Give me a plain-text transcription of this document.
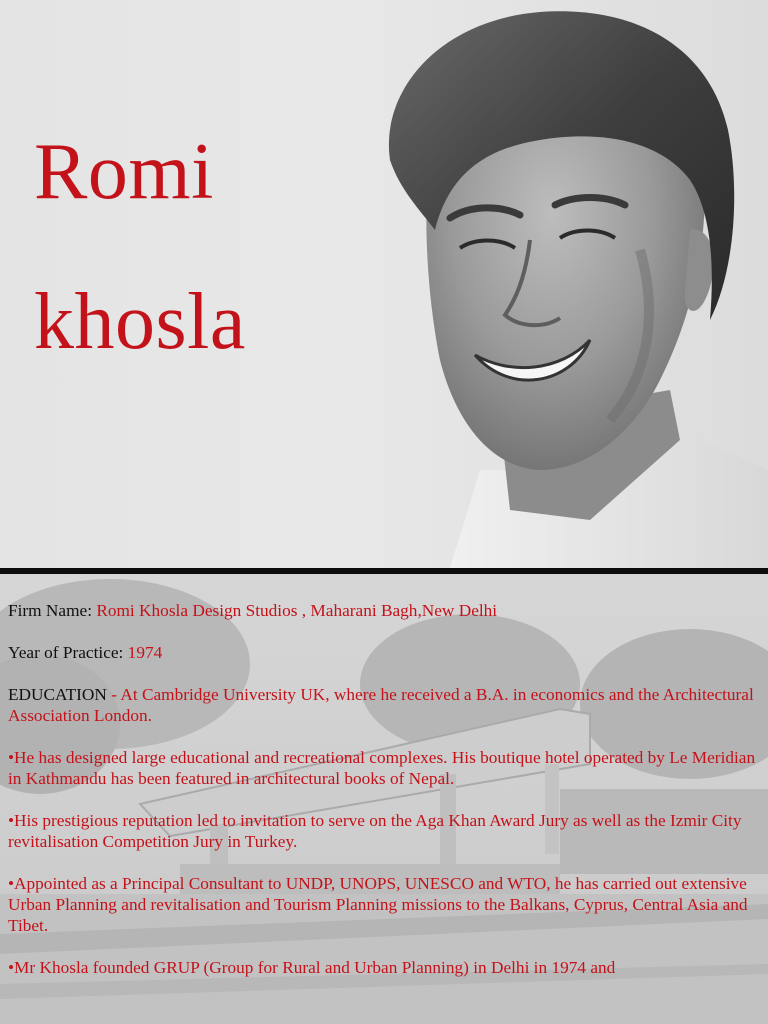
Romi
khosla

Firm Name: Romi Khosla Design Studios , Maharani Bagh,New Delhi

Year of Practice: 1974

EDUCATION - At Cambridge University UK, where he received a B.A. in economics and the Architectural Association London.

•He has designed large educational and recreational complexes. His boutique hotel operated by Le Meridian in Kathmandu has been featured in architectural books of Nepal.

•His prestigious reputation led to invitation to serve on the Aga Khan Award Jury as well as the Izmir City revitalisation Competition Jury in Turkey.

•Appointed as a Principal Consultant to UNDP, UNOPS, UNESCO and WTO, he has carried out extensive Urban Planning and revitalisation and Tourism Planning missions to the Balkans, Cyprus, Central Asia and Tibet.

•Mr Khosla founded GRUP (Group for Rural and Urban Planning) in Delhi in 1974 and
